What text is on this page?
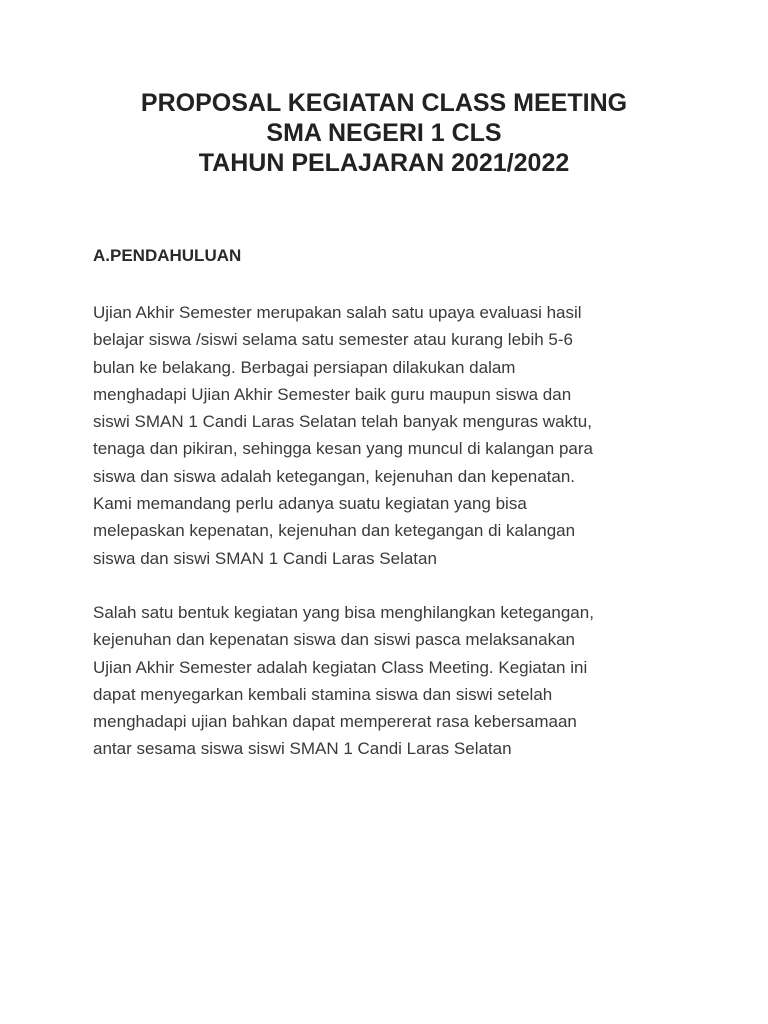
PROPOSAL KEGIATAN CLASS MEETING
SMA NEGERI 1 CLS
TAHUN PELAJARAN 2021/2022
A.PENDAHULUAN
Ujian Akhir Semester merupakan salah satu upaya evaluasi hasil
belajar siswa /siswi selama satu semester atau kurang lebih 5-6
bulan ke belakang. Berbagai persiapan dilakukan dalam
menghadapi Ujian Akhir Semester baik guru maupun siswa dan
siswi SMAN 1 Candi Laras Selatan telah banyak menguras waktu,
tenaga dan pikiran, sehingga kesan yang muncul di kalangan para
siswa dan siswa adalah ketegangan, kejenuhan dan kepenatan.
Kami memandang perlu adanya suatu kegiatan yang bisa
melepaskan kepenatan, kejenuhan dan ketegangan di kalangan
siswa dan siswi SMAN 1 Candi Laras Selatan
Salah satu bentuk kegiatan yang bisa menghilangkan ketegangan,
kejenuhan dan kepenatan siswa dan siswi pasca melaksanakan
Ujian Akhir Semester adalah kegiatan Class Meeting. Kegiatan ini
dapat menyegarkan kembali stamina siswa dan siswi setelah
menghadapi ujian bahkan dapat mempererat rasa kebersamaan
antar sesama siswa siswi SMAN 1 Candi Laras Selatan
